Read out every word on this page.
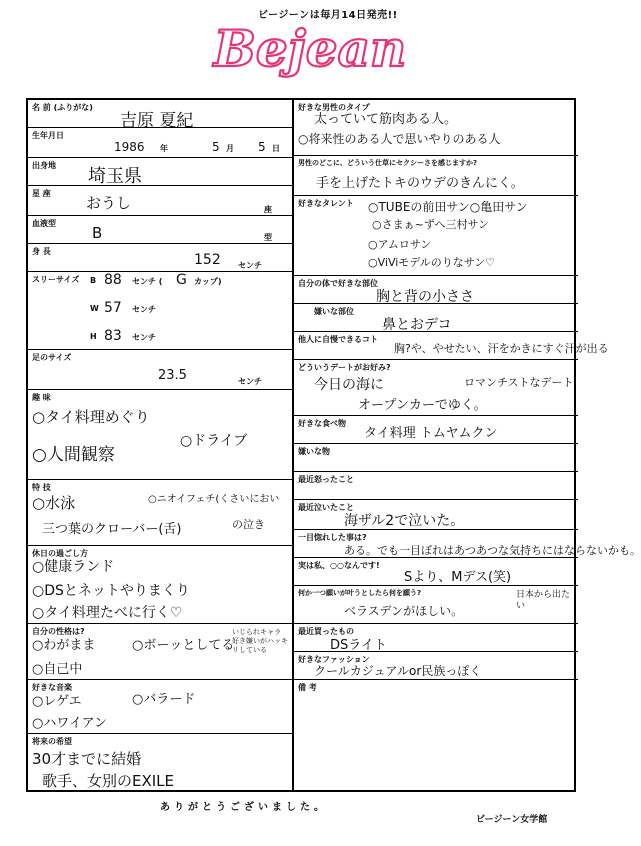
ビージーンは毎月14日発売!!
Bejean
名 前 (ふりがな)
吉原 夏紀
生年月日
1986 年	5 月 5 日
出身地
埼玉県
星 座
おうし	座
血液型
B	型
身 長
152 センチ
スリーサイズ B 88 センチ ( G カップ)
W 57 センチ
H 83 センチ
足のサイズ
23.5	センチ
趣 味
○タイ料理めぐり
○人間観察
○ドライブ
特 技
○水泳	○ニオイフェチ(くさいにおい
三つ葉のクローバー(舌)	の泣き
休日の過ごし方
○健康ランド
○DSとネットやりまくり
○タイ料理たべに行く♡
自分の性格は?
○わがまま	○ボーッとしてる
○自己中
いじられキャラ 好き嫌いがハッキリしている
好きな音楽
○レゲエ	○バラード
○ハワイアン
将来の希望
30才までに結婚
歌手、女別のEXILE
好きな男性のタイプ
太っていて筋肉ある人。
○将来性のある人で思いやりのある人
男性のどこに、どういう仕草にセクシーさを感じますか?
手を上げたトキのウデのきんにく。
好きなタレント ○TUBEの前田サン○亀田サン
○さまぁ~ずへ三村サン
○アムロサン
○ViViモデルのりなサン♡
自分の体で好きな部位
胸と背の小ささ
嫌いな部位
鼻とおデコ
他人に自慢できるコト
胸?や、やせたい、汗をかきにすぐ汗が出る
どういうデートがお好み?
今日の海に
オープンカーでゆく。
ロマンチストなデート
好きな食べ物
タイ料理 トムヤムクン
嫌いな物
最近怒ったこと
最近泣いたこと
海ザル2で泣いた。
一目惚れした事は?
ある。でも一目ぼれはあつあつな気持ちにはならないかも。
実は私、○○なんです!
Sより、Mデス(笑)
何か一つ願いが叶うとしたら何を願う?
ベラスデンがほしい。
日本から出たい
最近買ったもの
DSライト
好きなファッション
クールカジュアルor民族っぽく
備 考
ありがとうございました。
ビージーン女学館
